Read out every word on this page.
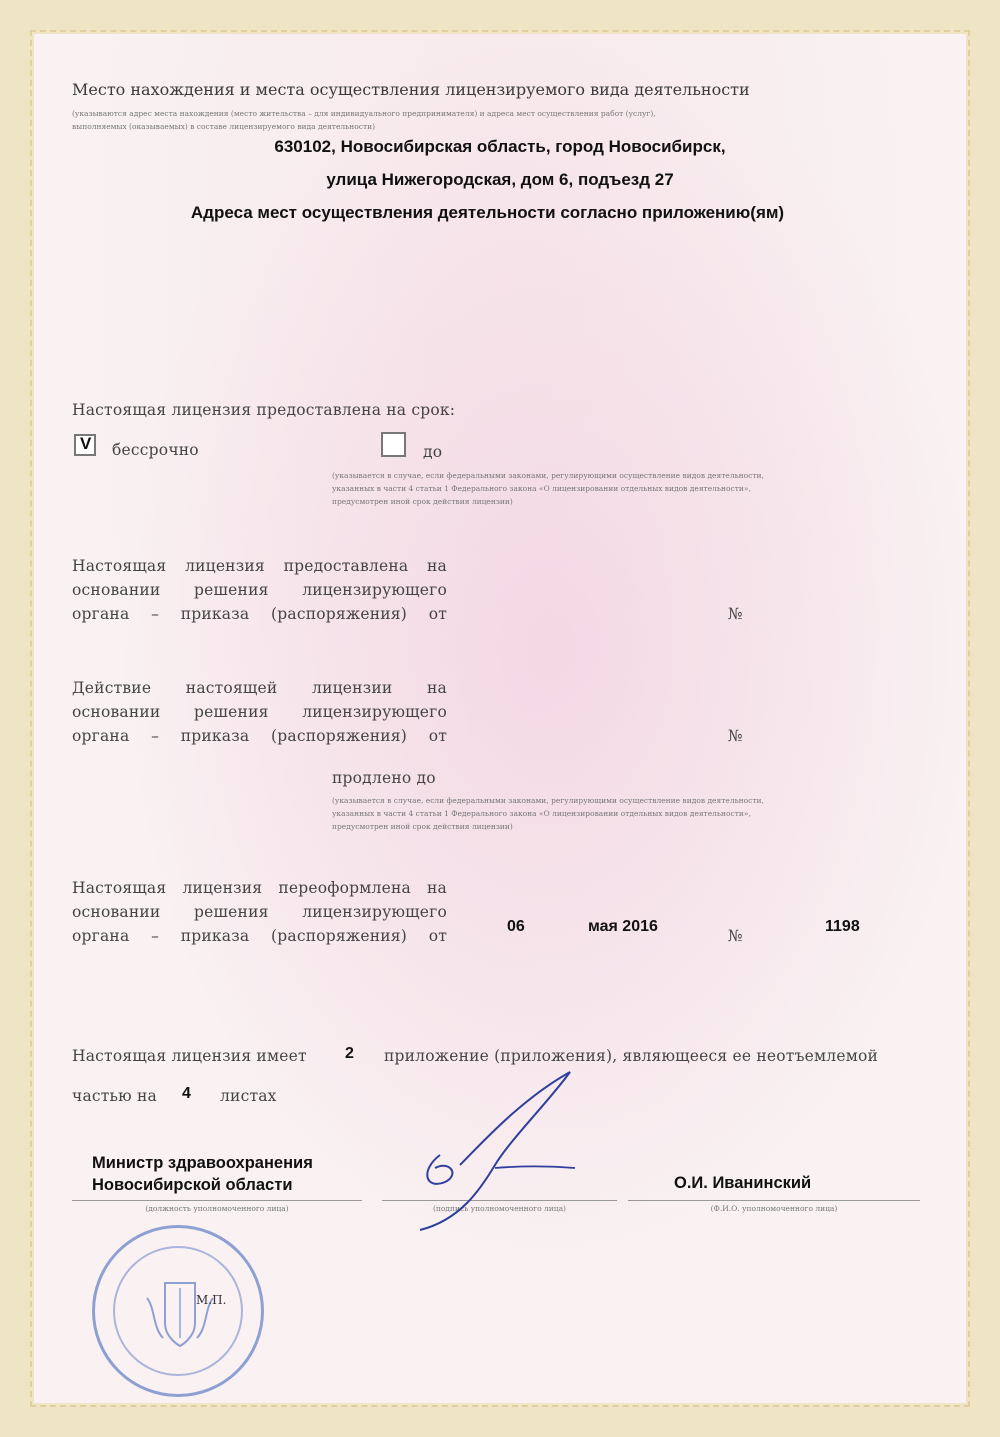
Место нахождения и места осуществления лицензируемого вида деятельности
(указываются адрес места нахождения (место жительства – для индивидуального предпринимателя) и адреса мест осуществления работ (услуг),
выполняемых (оказываемых) в составе лицензируемого вида деятельности)
630102, Новосибирская область, город Новосибирск,
улица Нижегородская, дом 6, подъезд 27
Адреса мест осуществления деятельности согласно приложению(ям)
Настоящая лицензия предоставлена на срок:
V бессрочно	до
(указывается в случае, если федеральными законами, регулирующими осуществление видов деятельности,
указанных в части 4 статьи 1 Федерального закона «О лицензировании отдельных видов деятельности»,
предусмотрен иной срок действия лицензии)
Настоящая лицензия предоставлена на
основании решения лицензирующего
органа – приказа (распоряжения) от	№
Действие настоящей лицензии на
основании решения лицензирующего
органа – приказа (распоряжения) от	№
продлено до
(указывается в случае, если федеральными законами, регулирующими осуществление видов деятельности,
указанных в части 4 статьи 1 Федерального закона «О лицензировании отдельных видов деятельности»,
предусмотрен иной срок действия лицензии)
Настоящая лицензия переоформлена на
основании решения лицензирующего
органа – приказа (распоряжения) от
06	мая 2016
№
1198
Настоящая лицензия имеет 2 приложение (приложения), являющееся ее неотъемлемой
частью на 4 листах
Министр здравоохранения
Новосибирской области
(должность уполномоченного лица)	(подпись уполномоченного лица)
О.И. Иванинский
(Ф.И.О. уполномоченного лица)
М.П.
